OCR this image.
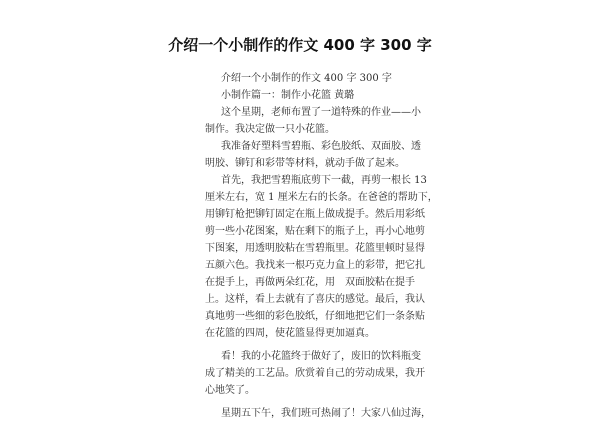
介绍一个小制作的作文 400 字 300 字

介绍一个小制作的作文 400 字 300 字

小制作篇一：制作小花篮 黄璐

这个星期，老师布置了一道特殊的作业——小

制作。我决定做一只小花篮。

我准备好塑料雪碧瓶、彩色胶纸、双面胶、透

明胶、铆钉和彩带等材料，就动手做了起来。

首先，我把雪碧瓶底剪下一截，再剪一根长 13

厘米左右，宽 1 厘米左右的长条。在爸爸的帮助下，

用铆钉枪把铆钉固定在瓶上做成提手。然后用彩纸

剪一些小花图案，贴在剩下的瓶子上，再小心地剪

下图案，用透明胶粘在雪碧瓶里。花篮里顿时显得

五颜六色。我找来一根巧克力盒上的彩带，把它扎

在提手上，再做两朵红花，用　双面胶粘在提手

上。这样，看上去就有了喜庆的感觉。最后，我认

真地剪一些细的彩色胶纸，仔细地把它们一条条贴

在花篮的四周，使花篮显得更加逼真。

看！我的小花篮终于做好了，废旧的饮料瓶变

成了精美的工艺品。欣赏着自己的劳动成果，我开

心地笑了。

星期五下午，我们班可热闹了！大家八仙过海，
